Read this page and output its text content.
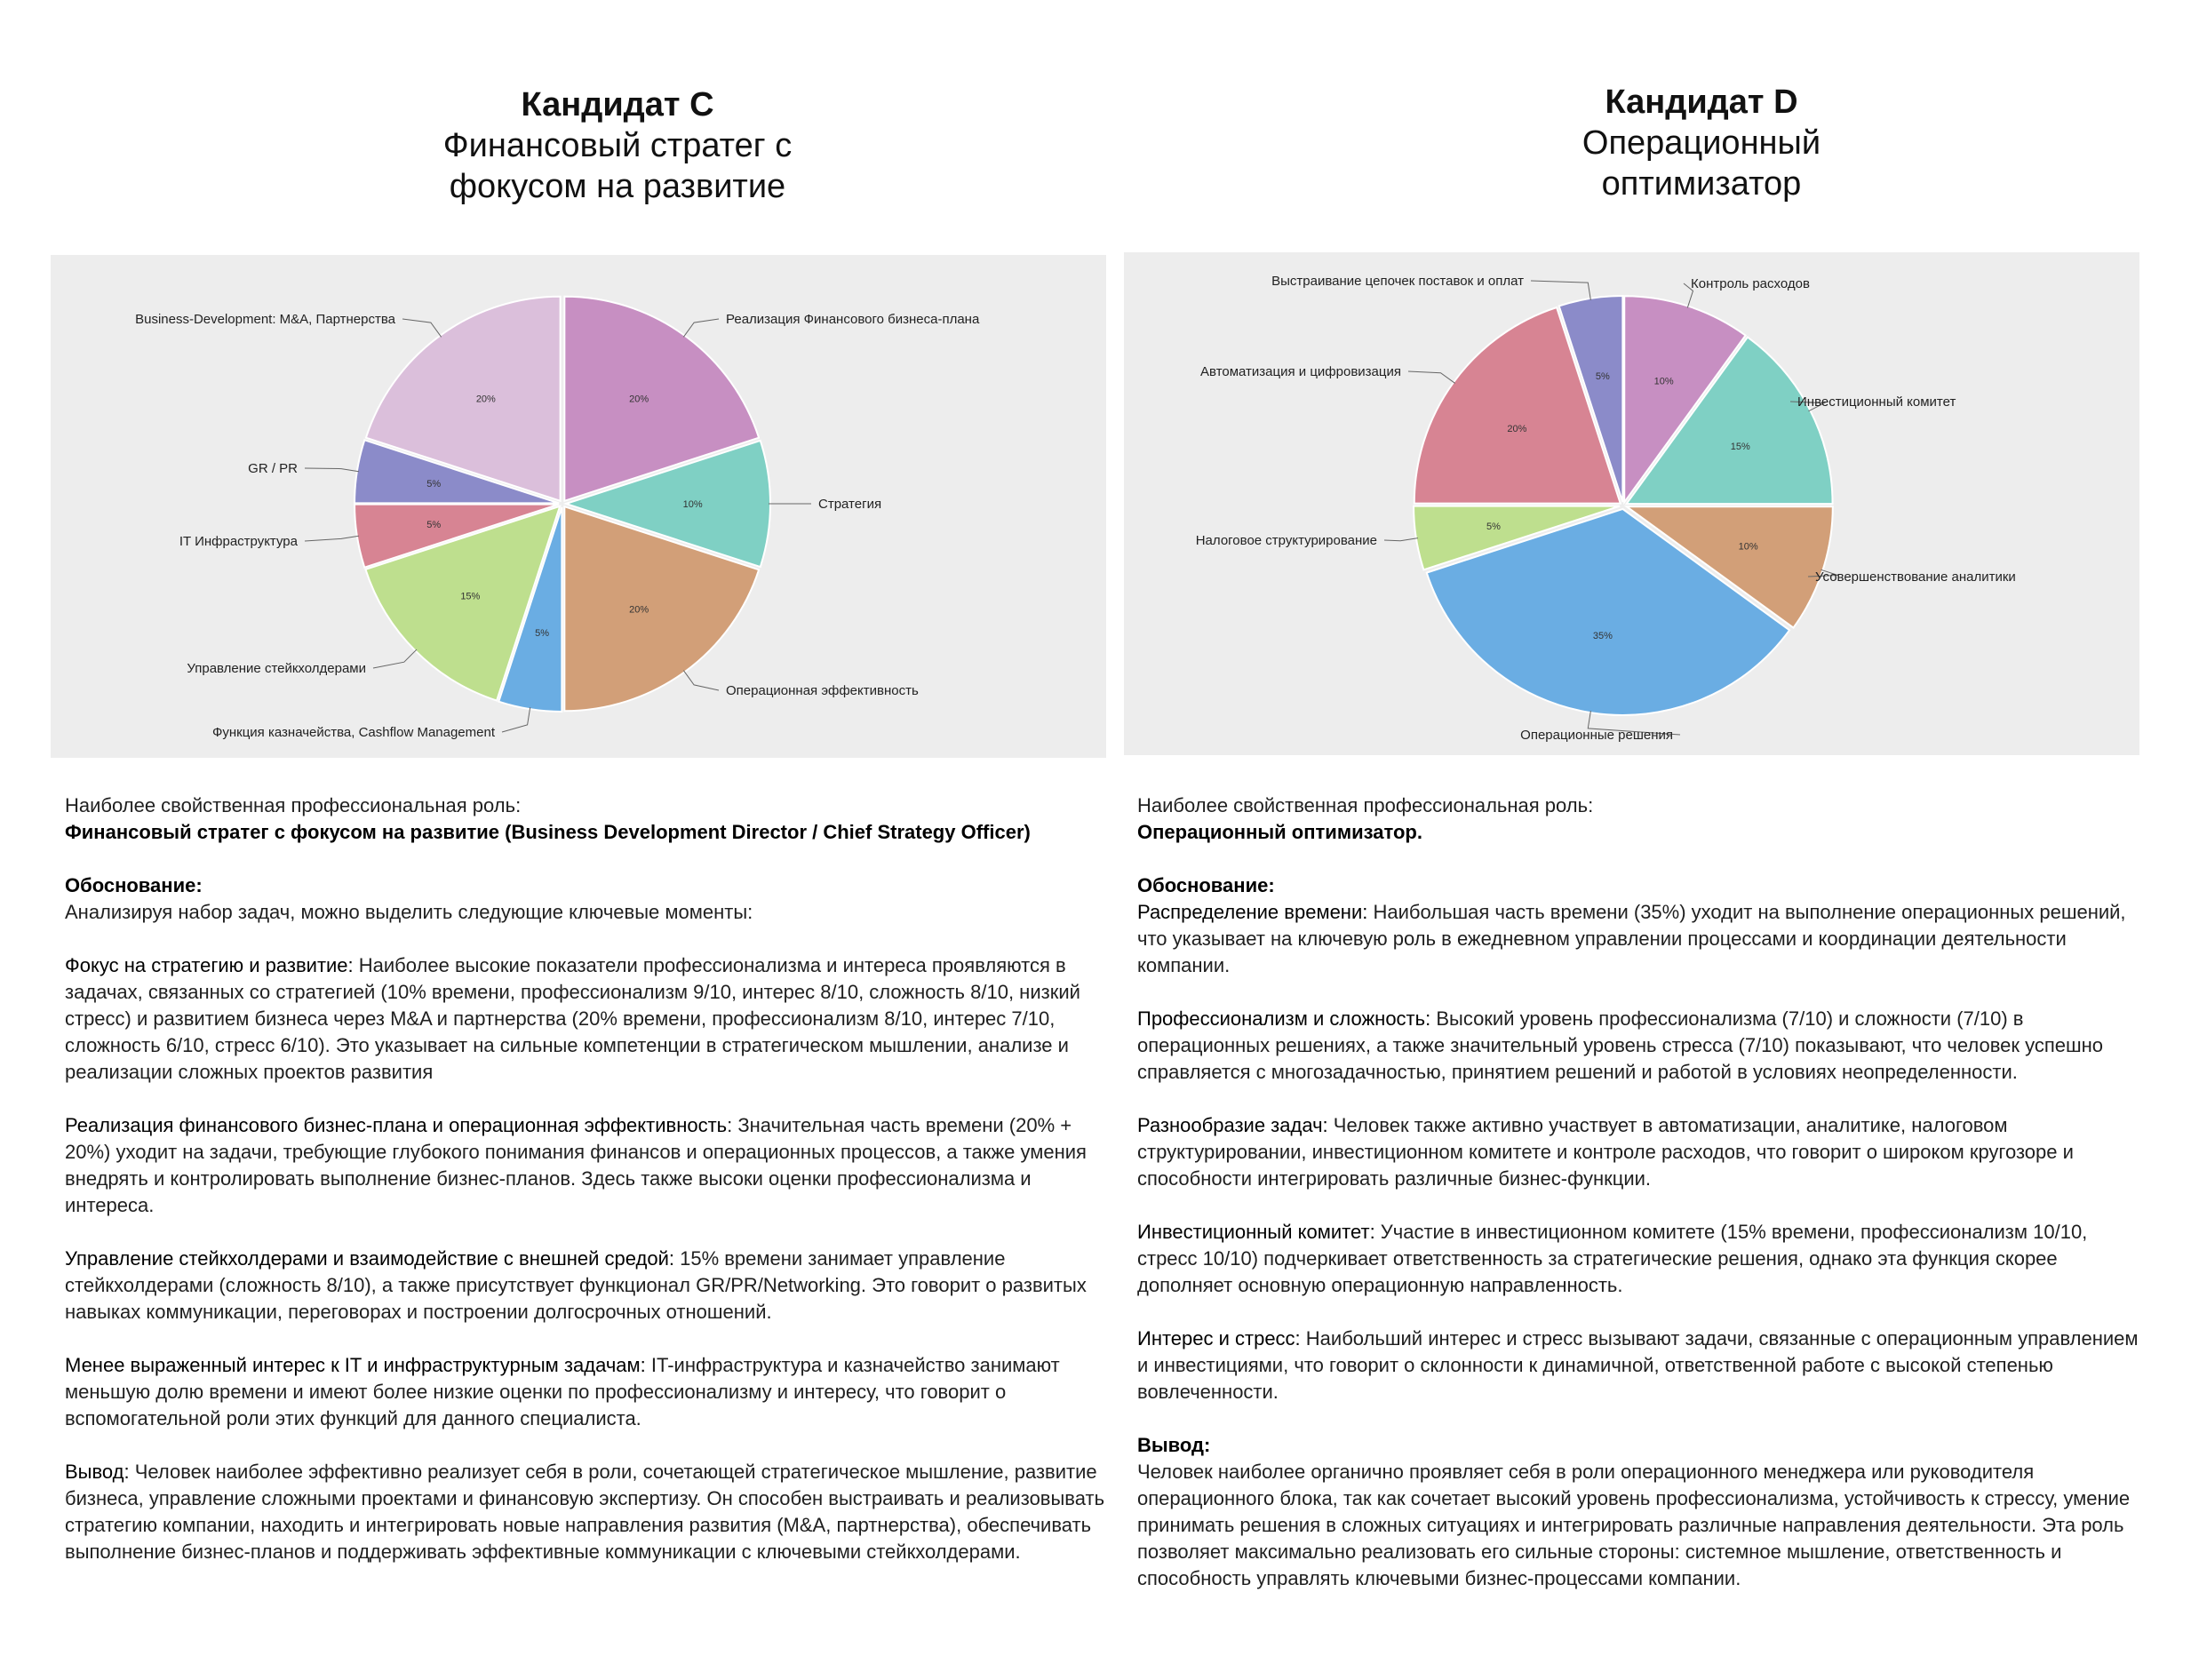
Кандидат С
Финансовый стратег с
фокусом на развитие
Кандидат D
Операционный
оптимизатор
20%
Реализация Финансового бизнеса-плана
10%	Стратегия
20%
Операционная эффективность
5%
Функция казначейства, Cashflow Management
15%
Управление стейкхолдерами
5%
IT Инфраструктура
5%
GR / PR
20%
Business-Development: M&A, Партнерства
10%
Контроль расходов
15%
Инвестиционный комитет
10%
Усовершенствование аналитики
35%
Операционные решения
5%
Налоговое структурирование
20%
Автоматизация и цифровизация	5%
Выстраивание цепочек поставок и оплат

Наиболее свойственная профессиональная роль:

Финансовый стратег с фокусом на развитие (Business Development Director / Chief Strategy Officer)

Обоснование:
Анализируя набор задач, можно выделить следующие ключевые моменты:

Фокус на стратегию и развитие: Наиболее высокие показатели профессионализма и интереса проявляются в задачах, связанных со стратегией (10% времени, профессионализм 9/10, интерес 8/10, сложность 8/10, низкий стресс) и развитием бизнеса через M&A и партнерства (20% времени, профессионализм 8/10, интерес 7/10, сложность 6/10, стресс 6/10). Это указывает на сильные компетенции в стратегическом мышлении, анализе и реализации сложных проектов развития

Реализация финансового бизнес-плана и операционная эффективность: Значительная часть времени (20% + 20%) уходит на задачи, требующие глубокого понимания финансов и операционных процессов, а также умения внедрять и контролировать выполнение бизнес-планов. Здесь также высоки оценки профессионализма и интереса.

Управление стейкхолдерами и взаимодействие с внешней средой: 15% времени занимает управление стейкхолдерами (сложность 8/10), а также присутствует функционал GR/PR/Networking. Это говорит о развитых навыках коммуникации, переговорах и построении долгосрочных отношений.

Менее выраженный интерес к IT и инфраструктурным задачам: IT-инфраструктура и казначейство занимают меньшую долю времени и имеют более низкие оценки по профессионализму и интересу, что говорит о вспомогательной роли этих функций для данного специалиста.

Вывод: Человек наиболее эффективно реализует себя в роли, сочетающей стратегическое мышление, развитие бизнеса, управление сложными проектами и финансовую экспертизу. Он способен выстраивать и реализовывать стратегию компании, находить и интегрировать новые направления развития (M&A, партнерства), обеспечивать выполнение бизнес-планов и поддерживать эффективные коммуникации с ключевыми стейкхолдерами.

Наиболее свойственная профессиональная роль:

Операционный оптимизатор.

Обоснование:

Распределение времени: Наибольшая часть времени (35%) уходит на выполнение операционных решений, что указывает на ключевую роль в ежедневном управлении процессами и координации деятельности компании.

Профессионализм и сложность: Высокий уровень профессионализма (7/10) и сложности (7/10) в операционных решениях, а также значительный уровень стресса (7/10) показывают, что человек успешно справляется с многозадачностью, принятием решений и работой в условиях неопределенности.

Разнообразие задач: Человек также активно участвует в автоматизации, аналитике, налоговом структурировании, инвестиционном комитете и контроле расходов, что говорит о широком кругозоре и способности интегрировать различные бизнес-функции.

Инвестиционный комитет: Участие в инвестиционном комитете (15% времени, профессионализм 10/10, стресс 10/10) подчеркивает ответственность за стратегические решения, однако эта функция скорее дополняет основную операционную направленность.

Интерес и стресс: Наибольший интерес и стресс вызывают задачи, связанные с операционным управлением и инвестициями, что говорит о склонности к динамичной, ответственной работе с высокой степенью вовлеченности.

Вывод:
Человек наиболее органично проявляет себя в роли операционного менеджера или руководителя операционного блока, так как сочетает высокий уровень профессионализма, устойчивость к стрессу, умение принимать решения в сложных ситуациях и интегрировать различные направления деятельности. Эта роль позволяет максимально реализовать его сильные стороны: системное мышление, ответственность и способность управлять ключевыми бизнес-процессами компании.
